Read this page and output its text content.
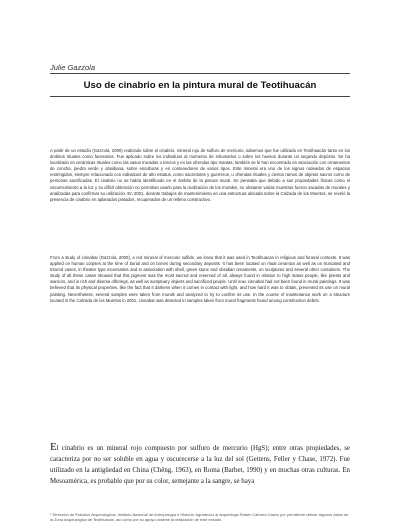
Julie Gazzola
Uso de cinabrio en la pintura mural de Teotihuacán

A partir de un estudio (Gazzola, 2000) realizado sobre el cinabrio, mineral rojo de sulfuro de mercurio, sabemos que fue utilizado en Teotihuacán tanto en los ámbitos rituales como funerarios. Fue aplicado sobre los individuos al momento de inhumarlos o sobre los huesos durante un segundo depósito. Se ha localizado en cerámicas rituales como las vasos trucadas o tercios y en las ofrendas tipo mantas, también se le han encontrado en asociación con ornamentos de concha, piedra verde y obsidiana, sobre esculturas y en contenedores de varios tipos. Este mineral era uno de los signos rodeados de espacios restringidos, siempre relacionado con individuos de alto estatus, como sacerdotes y guerreros, u ofrendas rituales y ciertos ramos de objetos sacros como de personas sacrificadas. El cinabrio no se había identificado en el ámbito de la pintura mural. Se pensaba que debido a sus propiedades físicas como el oscurecimiento a la luz y su difícil obtención no permitían usarlo para la realización de los murales, no obstante varias muestras fueron sacadas de murales y analizadas para confirmar su utilización. En 2001, durante trabajos de mantenimiento en una estructura ubicada sobre la Calzada de los Muertos, se reveló la presencia de cinabrio en aplanados pintados, recuperados de un relleno constructivo.

From a study of cinnabar (Gazzola, 2000), a red mineral of mercuric sulfide, we know that it was used in Teotihuacan in religious and funeral contexts. It was applied on human corpses at the time of burial and on bones during secondary deposits. It has been located on ritual ceramics as well as on truncated and tritored vases, in theater type incensaries and in association with shell, green stone and obsidian ornaments, on sculptures and several other containers. The study of all these cases showed that this pigment was the most sacred and reserved of all, always found in relation to high status people, like priests and warriors, and in rich and diverse offerings, as well as sumptuary objects and sacrificed people. Until now, cinnabar had not been found in mural paintings. It was believed that its physical properties, like the fact that it darkens when it comes in contact with light, and how hard it was to obtain, prevented its use on mural painting. Nevertheless, several samples were taken from murals and analyzed to try to confirm its use. In the course of maintenance work on a structure located in the Calzada de los Muertos in 2001, cinnabar was detected in samples taken from mural fragments found among construction debris.

El cinabrio es un mineral rojo compuesto por sulfuro de mercurio (HgS); entre otras propiedades, se caracteriza por no ser soluble en agua y oscurecerse a la luz del sol (Gettens, Feller y Chase, 1972). Fue utilizado en la antigüedad en China (Chêng, 1963), en Roma (Barbet, 1990) y en muchas otras culturas. En Mesoamérica, es probable que por su color, semejante a la sangre, se haya

* Dirección de Estudios Arqueológicos, Instituto Nacional de Antropología e Historia. Agradezco al arqueólogo Rubén Cabrera Castro por permitirme utilizar algunos datos de la Zona Arqueológica de Teotihuacán, así como por su apoyo durante la realización de este estudio.
